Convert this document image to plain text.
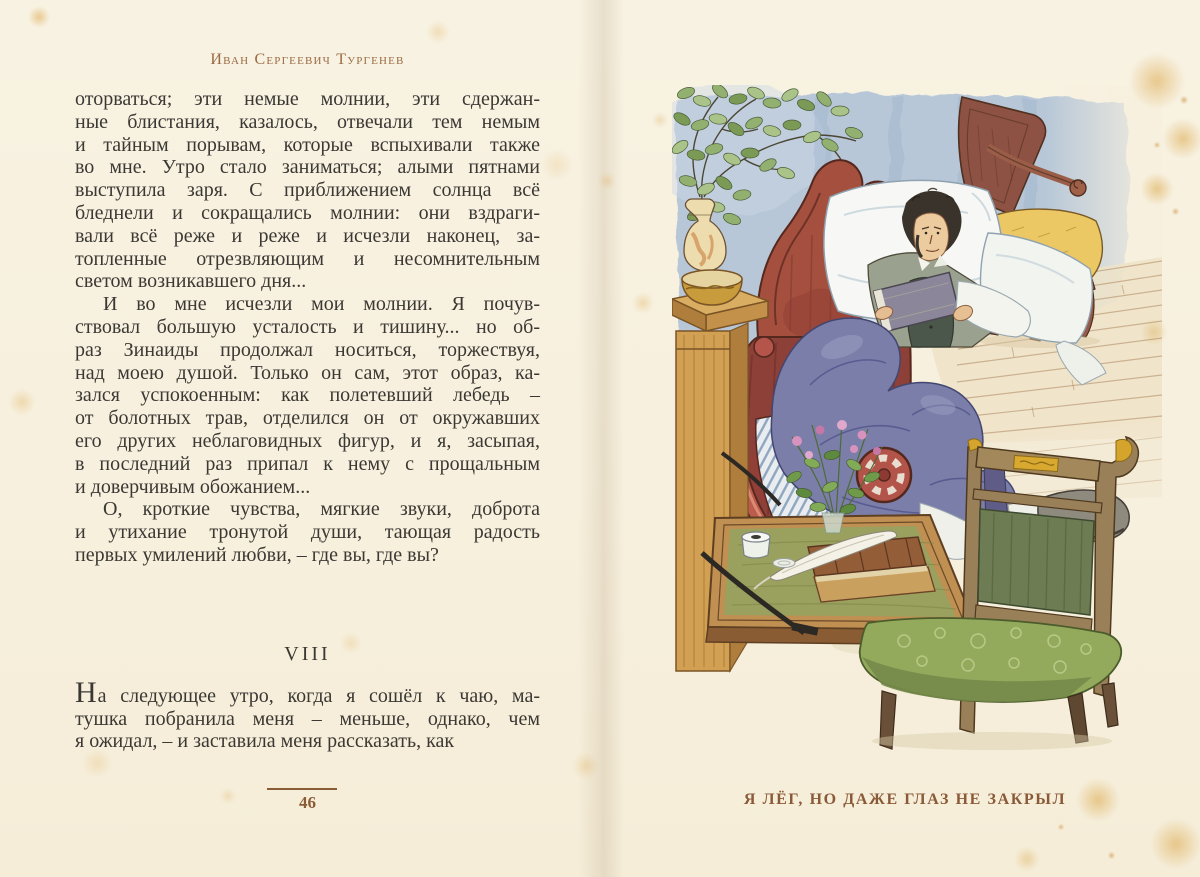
Иван Сергеевич Тургенев
оторваться; эти немые молнии, эти сдержан-
ные блистания, казалось, отвечали тем немым
и тайным порывам, которые вспыхивали также
во мне. Утро стало заниматься; алыми пятнами
выступила заря. С приближением солнца всё
бледнели и сокращались молнии: они вздраги-
вали всё реже и реже и исчезли наконец, за-
топленные отрезвляющим и несомнительным
светом возникавшего дня...
И во мне исчезли мои молнии. Я почув-
ствовал большую усталость и тишину... но об-
раз Зинаиды продолжал носиться, торжествуя,
над моею душой. Только он сам, этот образ, ка-
зался успокоенным: как полетевший лебедь –
от болотных трав, отделился он от окружавших
его других неблаговидных фигур, и я, засыпая,
в последний раз припал к нему с прощальным
и доверчивым обожанием...
О, кроткие чувства, мягкие звуки, доброта
и утихание тронутой души, тающая радость
первых умилений любви, – где вы, где вы?
VIII
На следующее утро, когда я сошёл к чаю, ма-
тушка побранила меня – меньше, однако, чем
я ожидал, – и заставила меня рассказать, как
46	Я ЛЁГ, НО ДАЖЕ ГЛАЗ НЕ ЗАКРЫЛ
